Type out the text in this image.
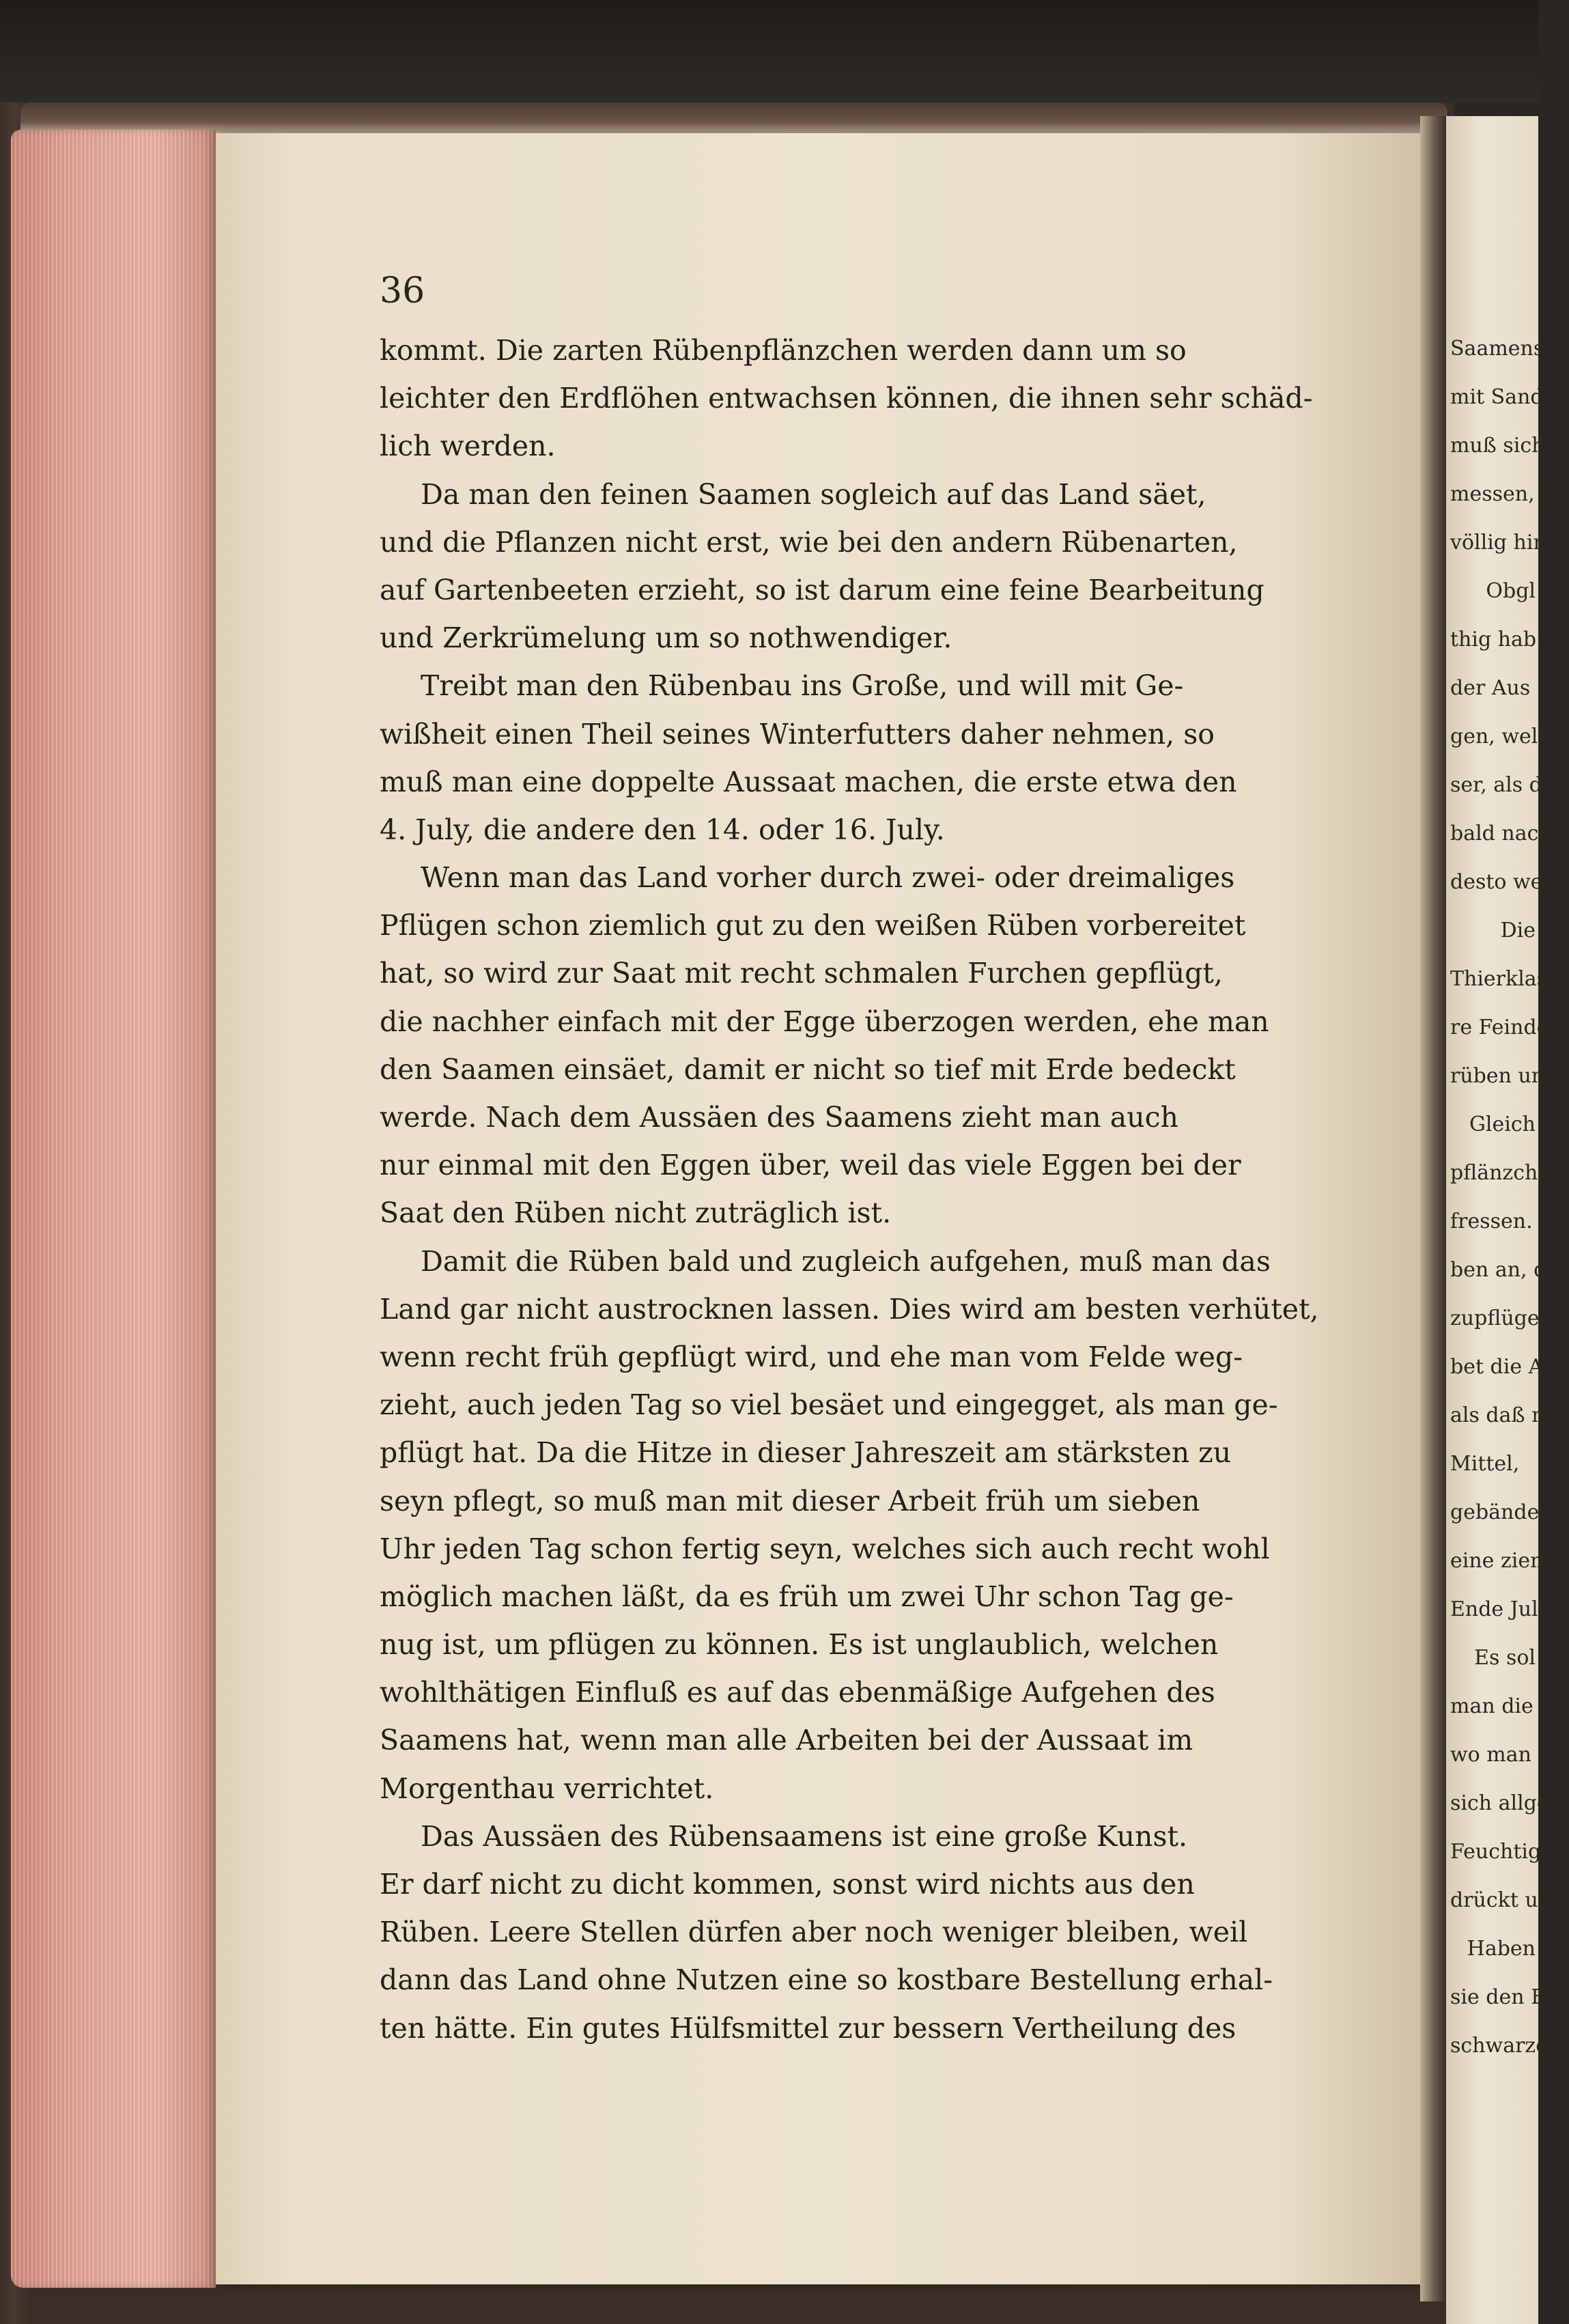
36
kommt. Die zarten Rübenpflänzchen werden dann um so
leichter den Erdflöhen entwachsen können, die ihnen sehr schäd-
lich werden.
Da man den feinen Saamen sogleich auf das Land säet,
und die Pflanzen nicht erst, wie bei den andern Rübenarten,
auf Gartenbeeten erzieht, so ist darum eine feine Bearbeitung
und Zerkrümelung um so nothwendiger.
Treibt man den Rübenbau ins Große, und will mit Ge-
wißheit einen Theil seines Winterfutters daher nehmen, so
muß man eine doppelte Aussaat machen, die erste etwa den
4. July, die andere den 14. oder 16. July.
Wenn man das Land vorher durch zwei- oder dreimaliges
Pflügen schon ziemlich gut zu den weißen Rüben vorbereitet
hat, so wird zur Saat mit recht schmalen Furchen gepflügt,
die nachher einfach mit der Egge überzogen werden, ehe man
den Saamen einsäet, damit er nicht so tief mit Erde bedeckt
werde. Nach dem Aussäen des Saamens zieht man auch
nur einmal mit den Eggen über, weil das viele Eggen bei der
Saat den Rüben nicht zuträglich ist.
Damit die Rüben bald und zugleich aufgehen, muß man das
Land gar nicht austrocknen lassen. Dies wird am besten verhütet,
wenn recht früh gepflügt wird, und ehe man vom Felde weg-
zieht, auch jeden Tag so viel besäet und eingegget, als man ge-
pflügt hat. Da die Hitze in dieser Jahreszeit am stärksten zu
seyn pflegt, so muß man mit dieser Arbeit früh um sieben
Uhr jeden Tag schon fertig seyn, welches sich auch recht wohl
möglich machen läßt, da es früh um zwei Uhr schon Tag ge-
nug ist, um pflügen zu können. Es ist unglaublich, welchen
wohlthätigen Einfluß es auf das ebenmäßige Aufgehen des
Saamens hat, wenn man alle Arbeiten bei der Aussaat im
Morgenthau verrichtet.
Das Aussäen des Rübensaamens ist eine große Kunst.
Er darf nicht zu dicht kommen, sonst wird nichts aus den
Rüben. Leere Stellen dürfen aber noch weniger bleiben, weil
dann das Land ohne Nutzen eine so kostbare Bestellung erhal-
ten hätte. Ein gutes Hülfsmittel zur bessern Vertheilung des
Saamens
mit Sand
muß sich
messen, u
völlig hin
Obgl
thig hab
der Aus
gen, wel
ser, als d
bald nach
desto wen
Die
Thierklas
re Feinde,
rüben und
Gleich
pflänzchen
fressen.
ben an, d
zupflügen
bet die Ar
als daß m
Mittel,
gebändert
eine ziem
Ende Juli
Es sol
man die
wo man
sich allge
Feuchtigke
drückt und
Haben
sie den Erd
schwarzen
